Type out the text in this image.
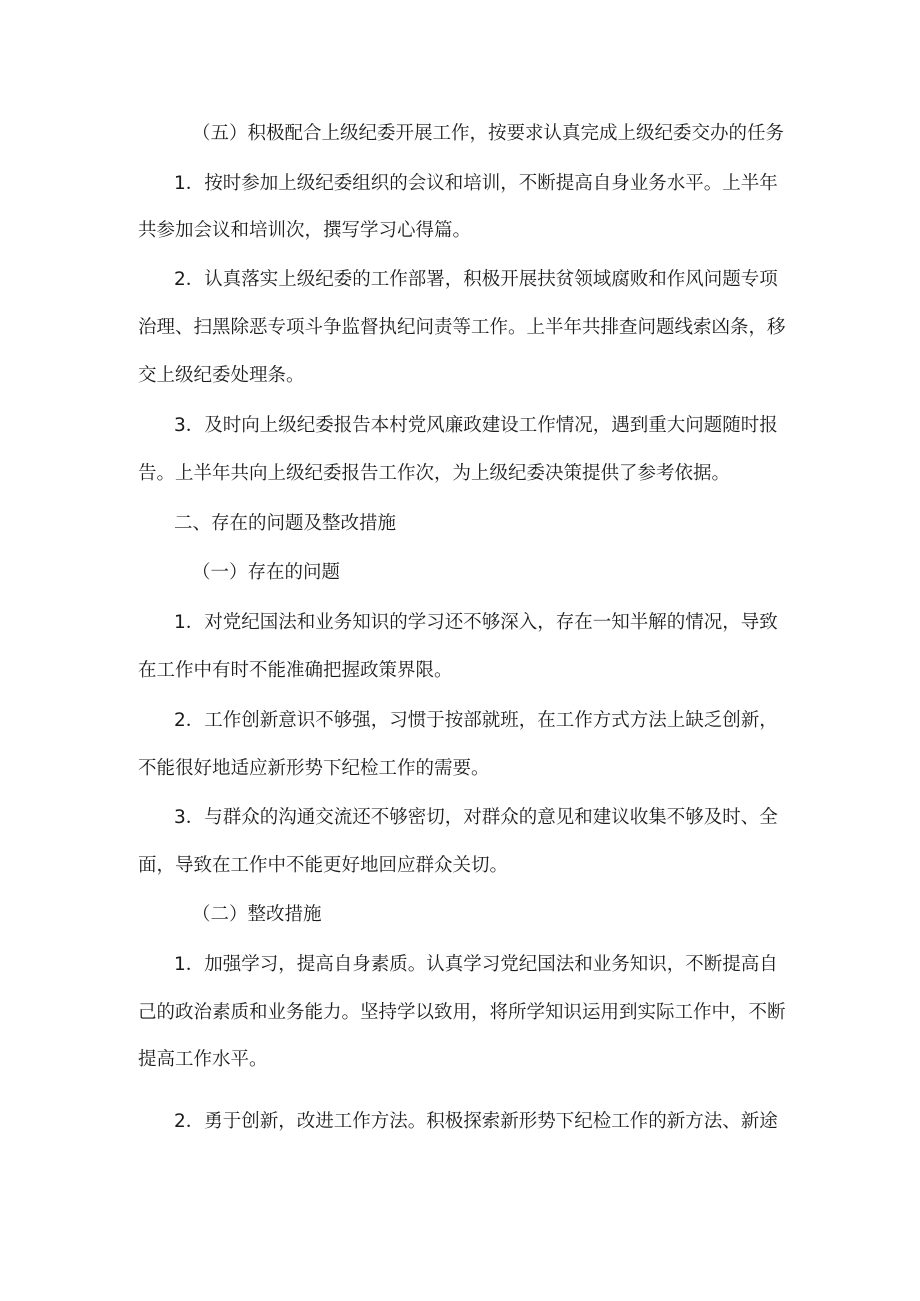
（五）积极配合上级纪委开展工作，按要求认真完成上级纪委交办的任务

1．按时参加上级纪委组织的会议和培训，不断提高自身业务水平。上半年

共参加会议和培训次，撰写学习心得篇。

2．认真落实上级纪委的工作部署，积极开展扶贫领域腐败和作风问题专项

治理、扫黑除恶专项斗争监督执纪问责等工作。上半年共排查问题线索凶条，移

交上级纪委处理条。

3．及时向上级纪委报告本村党风廉政建设工作情况，遇到重大问题随时报

告。上半年共向上级纪委报告工作次，为上级纪委决策提供了参考依据。

二、存在的问题及整改措施

（一）存在的问题

1．对党纪国法和业务知识的学习还不够深入，存在一知半解的情况，导致

在工作中有时不能准确把握政策界限。

2．工作创新意识不够强，习惯于按部就班，在工作方式方法上缺乏创新，

不能很好地适应新形势下纪检工作的需要。

3．与群众的沟通交流还不够密切，对群众的意见和建议收集不够及时、全

面，导致在工作中不能更好地回应群众关切。

（二）整改措施

1．加强学习，提高自身素质。认真学习党纪国法和业务知识，不断提高自

己的政治素质和业务能力。坚持学以致用，将所学知识运用到实际工作中，不断

提高工作水平。

2．勇于创新，改进工作方法。积极探索新形势下纪检工作的新方法、新途
